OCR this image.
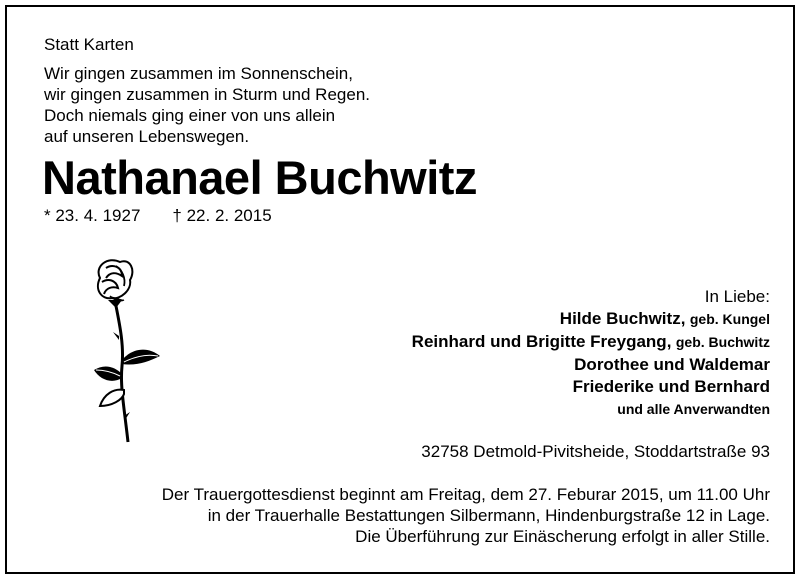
Statt Karten
Wir gingen zusammen im Sonnenschein,
wir gingen zusammen in Sturm und Regen.
Doch niemals ging einer von uns allein
auf unseren Lebenswegen.
Nathanael Buchwitz
* 23. 4. 1927 † 22. 2. 2015
In Liebe:
Hilde Buchwitz, geb. Kungel
Reinhard und Brigitte Freygang, geb. Buchwitz
Dorothee und Waldemar
Friederike und Bernhard
und alle Anverwandten
32758 Detmold-Pivitsheide, Stoddartstraße 93
Der Trauergottesdienst beginnt am Freitag, dem 27. Feburar 2015, um 11.00 Uhr
in der Trauerhalle Bestattungen Silbermann, Hindenburgstraße 12 in Lage.
Die Überführung zur Einäscherung erfolgt in aller Stille.
